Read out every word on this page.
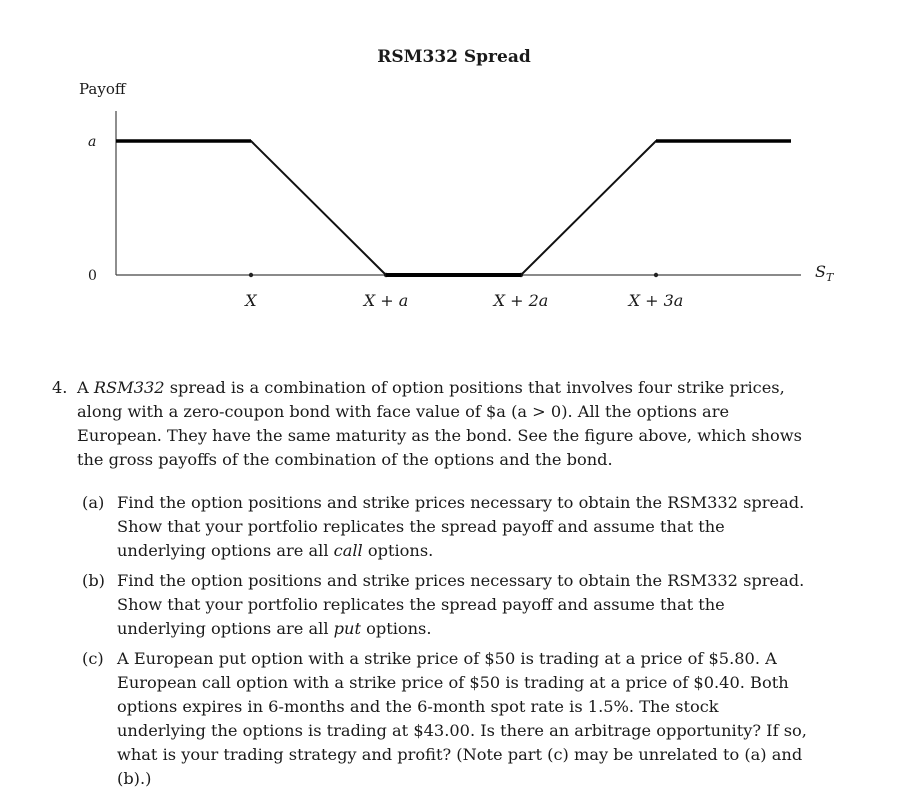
RSM332 Spread
Payoff
a
0
X	X + a	X + 2a	X + 3a
$S_T$
4. A RSM332 spread is a combination of option positions that involves four strike prices, along with a zero-coupon bond with face value of $a (a > 0). All the options are European. They have the same maturity as the bond. See the figure above, which shows the gross payoffs of the combination of the options and the bond.
(a) Find the option positions and strike prices necessary to obtain the RSM332 spread. Show that your portfolio replicates the spread payoff and assume that the underlying options are all call options.
(b) Find the option positions and strike prices necessary to obtain the RSM332 spread. Show that your portfolio replicates the spread payoff and assume that the underlying options are all put options.
(c) A European put option with a strike price of $50 is trading at a price of $5.80. A European call option with a strike price of $50 is trading at a price of $0.40. Both options expires in 6-months and the 6-month spot rate is 1.5%. The stock underlying the options is trading at $43.00. Is there an arbitrage opportunity? If so, what is your trading strategy and profit? (Note part (c) may be unrelated to (a) and (b).)
